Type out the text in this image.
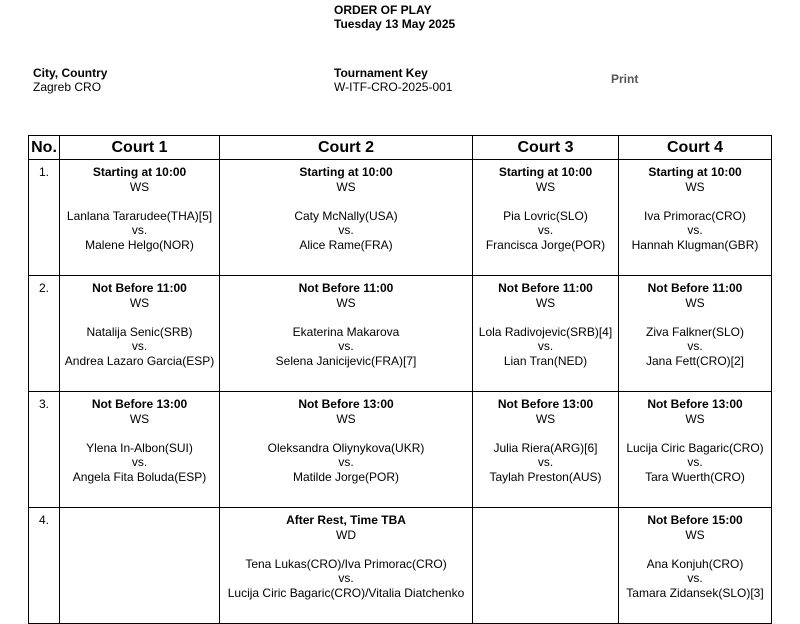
ORDER OF PLAY
Tuesday 13 May 2025
City, Country
Zagreb CRO
Tournament Key
W-ITF-CRO-2025-001
Print
No.	Court 1	Court 2	Court 3	Court 4
1.	Starting at 10:00
WS
Lanlana Tararudee(THA)[5]
vs.
Malene Helgo(NOR)	Starting at 10:00
WS
Caty McNally(USA)
vs.
Alice Rame(FRA)	Starting at 10:00
WS
Pia Lovric(SLO)
vs.
Francisca Jorge(POR)	Starting at 10:00
WS
Iva Primorac(CRO)
vs.
Hannah Klugman(GBR)

2.	Not Before 11:00
WS
Natalija Senic(SRB)
vs.
Andrea Lazaro Garcia(ESP)	Not Before 11:00
WS
Ekaterina Makarova
vs.
Selena Janicijevic(FRA)[7]	Not Before 11:00
WS
Lola Radivojevic(SRB)[4]
vs.
Lian Tran(NED)	Not Before 11:00
WS
Ziva Falkner(SLO)
vs.
Jana Fett(CRO)[2]

3.	Not Before 13:00
WS
Ylena In-Albon(SUI)
vs.
Angela Fita Boluda(ESP)	Not Before 13:00
WS
Oleksandra Oliynykova(UKR)
vs.
Matilde Jorge(POR)	Not Before 13:00
WS
Julia Riera(ARG)[6]
vs.
Taylah Preston(AUS)	Not Before 13:00
WS
Lucija Ciric Bagaric(CRO)
vs.
Tara Wuerth(CRO)

4.		After Rest, Time TBA
WD
Tena Lukas(CRO)/Iva Primorac(CRO)
vs.
Lucija Ciric Bagaric(CRO)/Vitalia Diatchenko		Not Before 15:00
WS
Ana Konjuh(CRO)
vs.
Tamara Zidansek(SLO)[3]
